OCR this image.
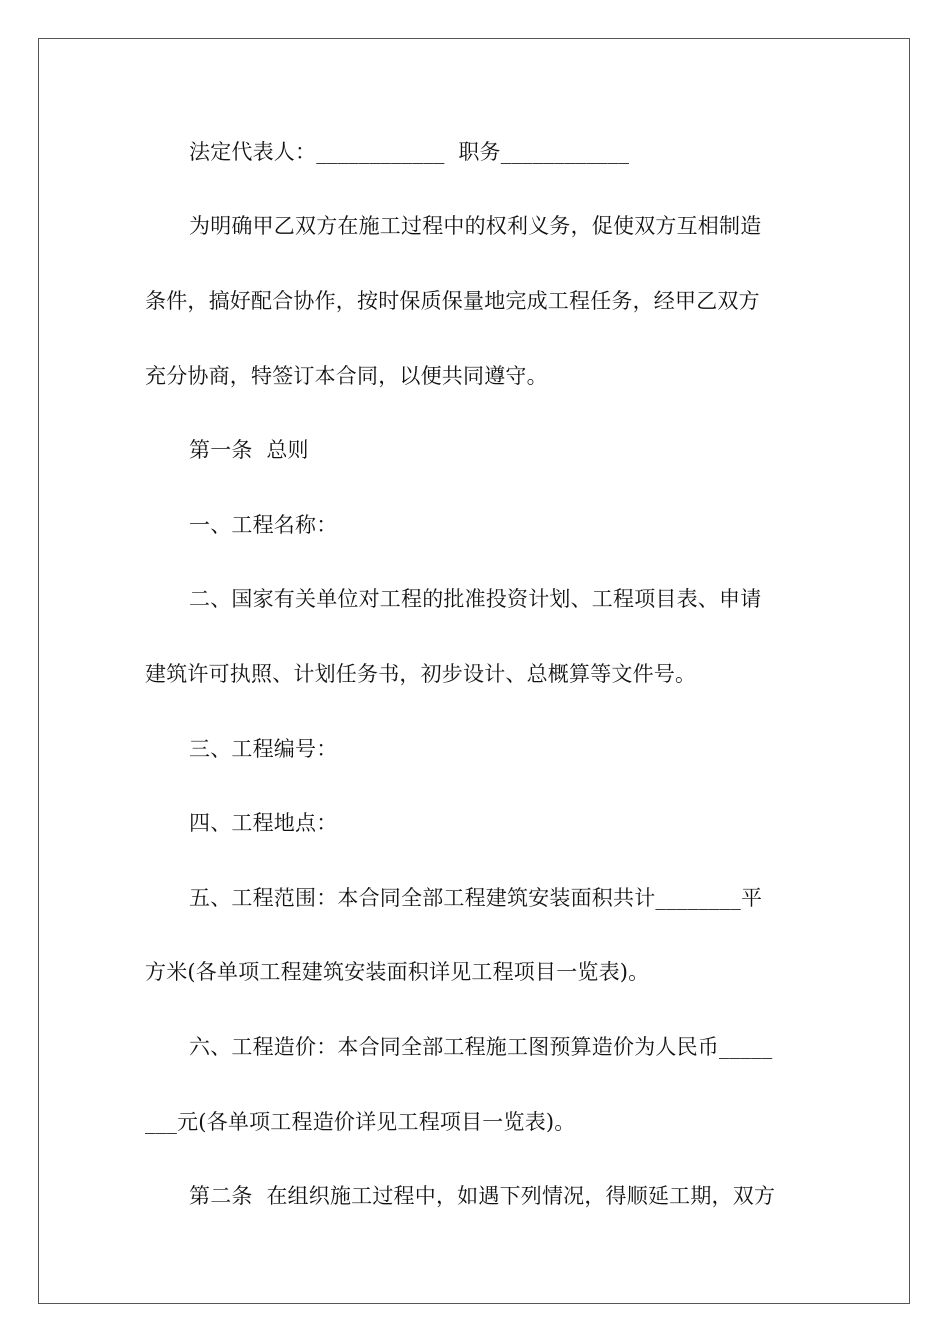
法定代表人：____________  职务____________
为明确甲乙双方在施工过程中的权利义务，促使双方互相制造
条件，搞好配合协作，按时保质保量地完成工程任务，经甲乙双方
充分协商，特签订本合同，以便共同遵守。
第一条  总则
一、工程名称：
二、国家有关单位对工程的批准投资计划、工程项目表、申请
建筑许可执照、计划任务书，初步设计、总概算等文件号。
三、工程编号：
四、工程地点：
五、工程范围：本合同全部工程建筑安装面积共计________平
方米(各单项工程建筑安装面积详见工程项目一览表)。
六、工程造价：本合同全部工程施工图预算造价为人民币_____
___元(各单项工程造价详见工程项目一览表)。
第二条  在组织施工过程中，如遇下列情况，得顺延工期，双方
